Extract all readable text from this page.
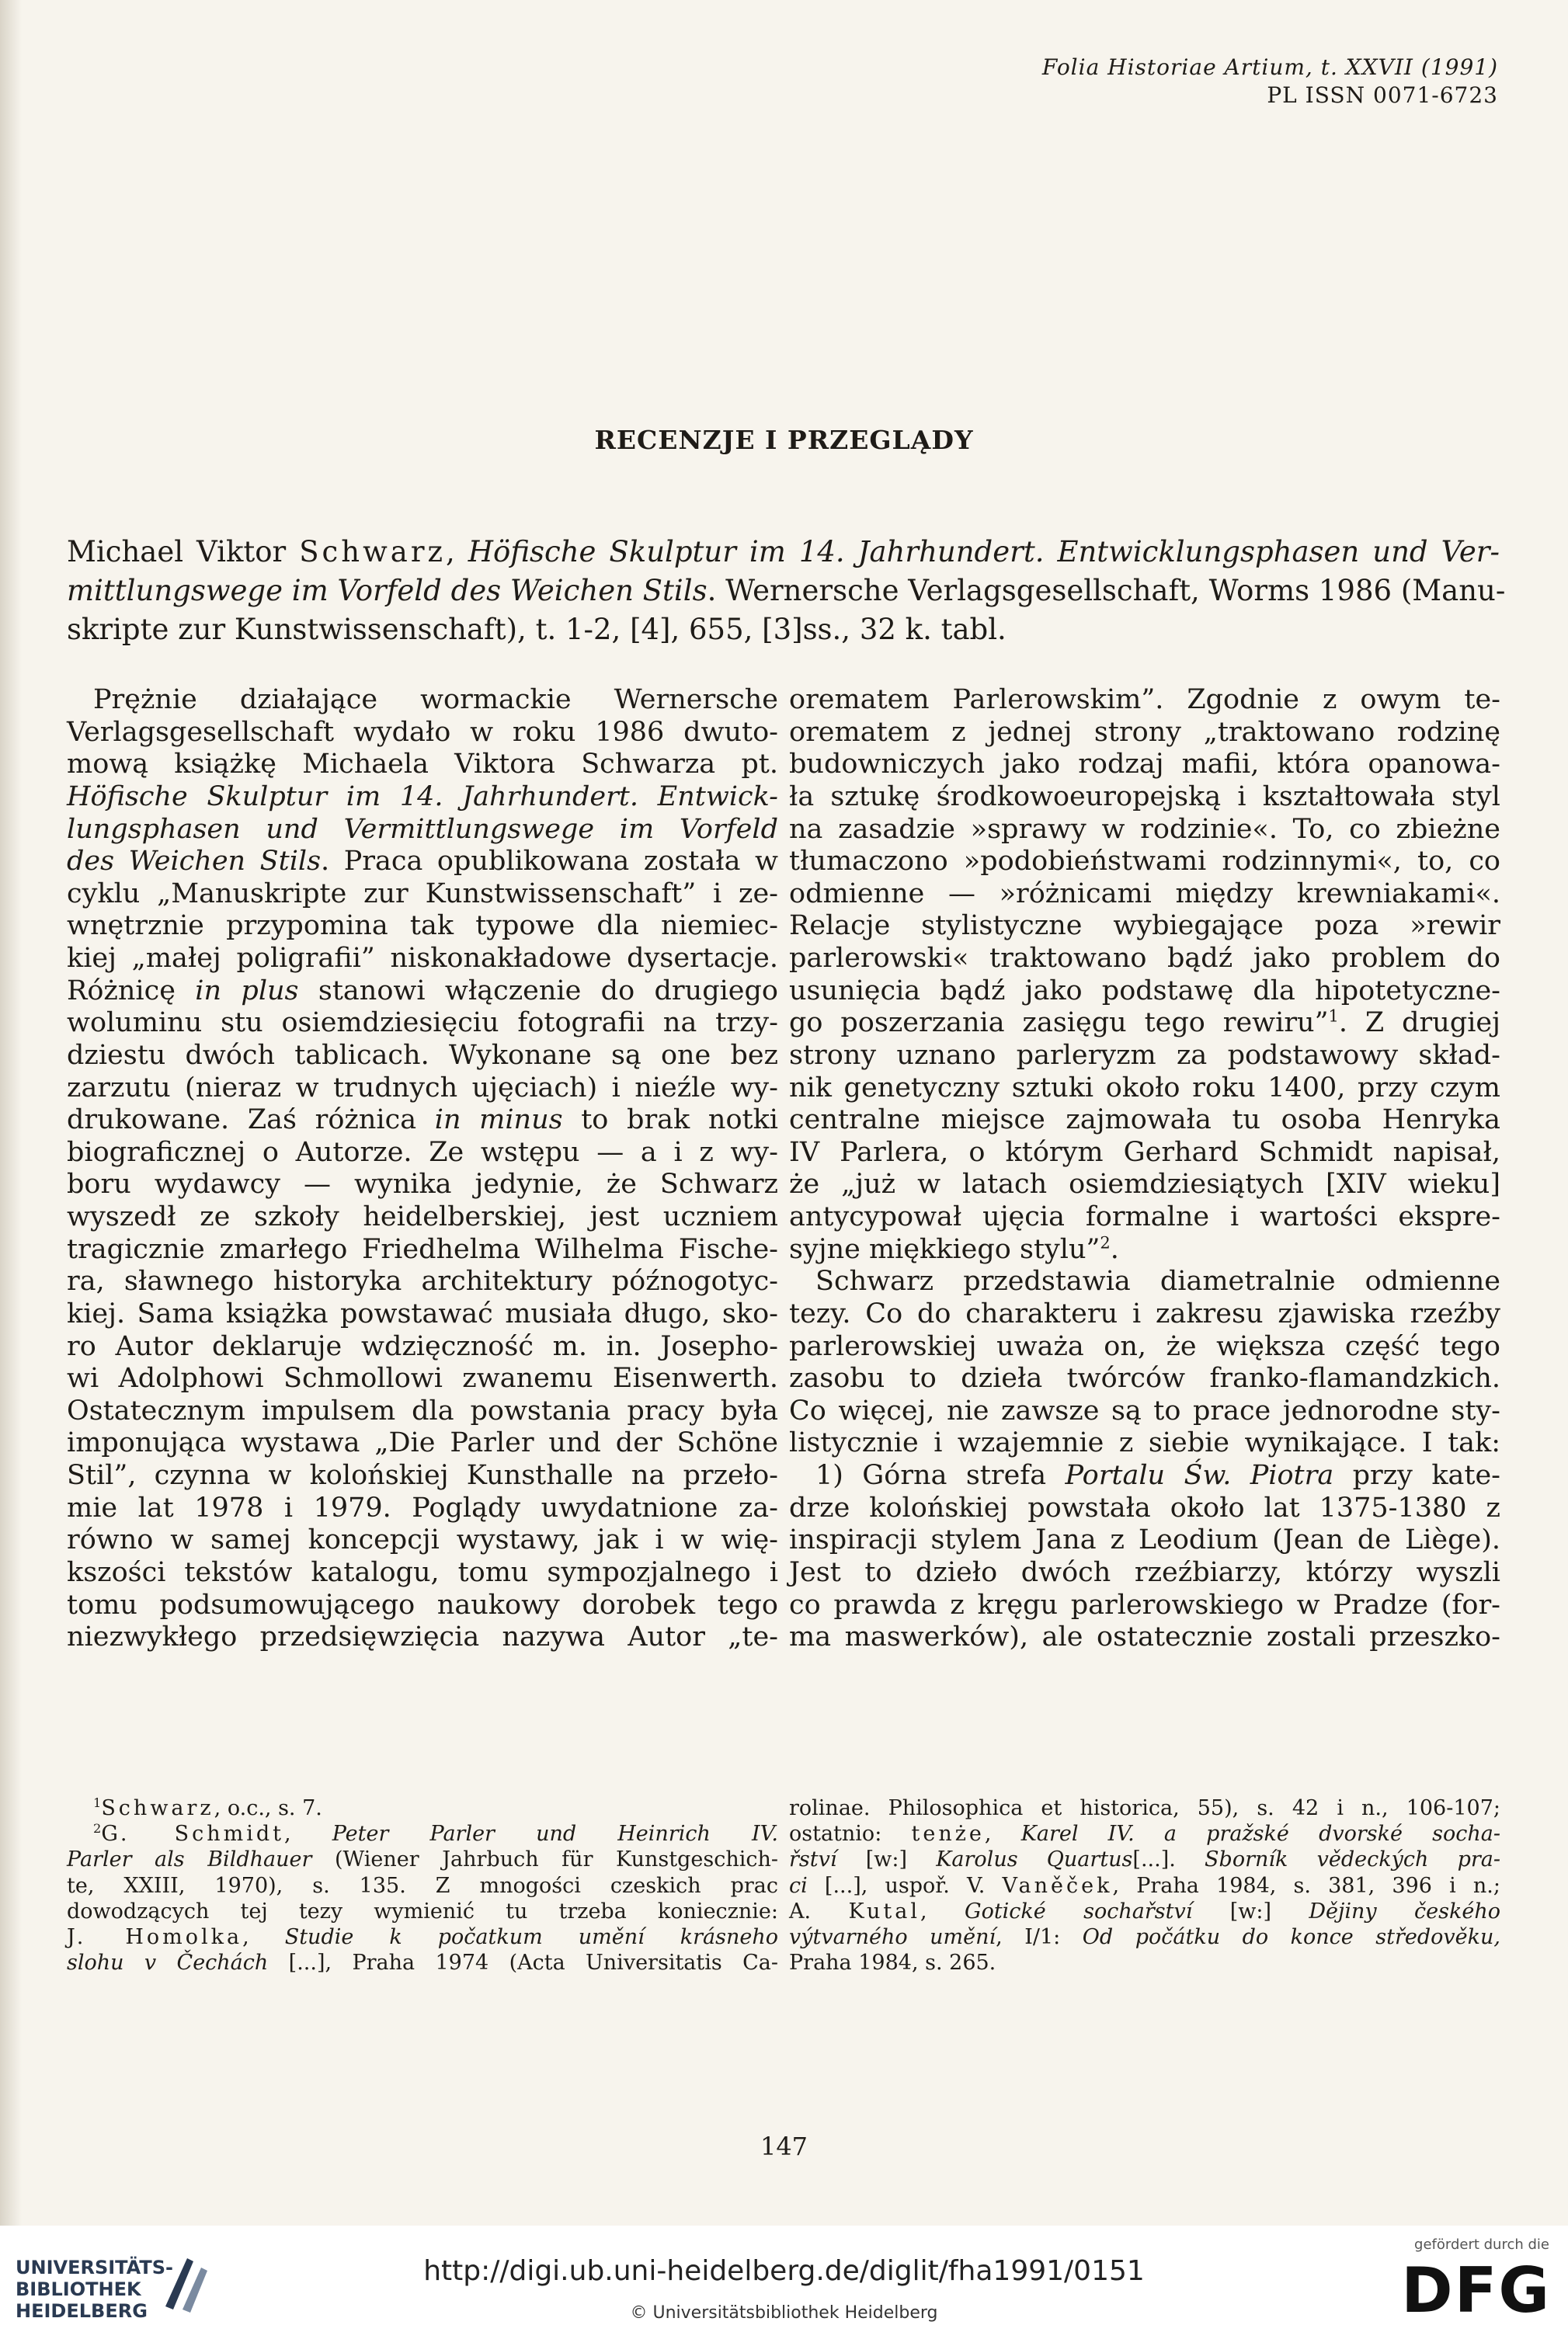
Folia Historiae Artium, t. XXVII (1991)
PL ISSN 0071-6723
RECENZJE I PRZEGLĄDY
Michael Viktor Schwarz, Höfische Skulptur im 14. Jahrhundert. Entwicklungsphasen und Ver-
mittlungswege im Vorfeld des Weichen Stils. Wernersche Verlagsgesellschaft, Worms 1986 (Manu-
skripte zur Kunstwissenschaft), t. 1-2, [4], 655, [3]ss., 32 k. tabl.
Prężnie działające wormackie Wernersche
Verlagsgesellschaft wydało w roku 1986 dwuto-
mową książkę Michaela Viktora Schwarza pt.
Höfische Skulptur im 14. Jahrhundert. Entwick-
lungsphasen und Vermittlungswege im Vorfeld
des Weichen Stils. Praca opublikowana została w
cyklu „Manuskripte zur Kunstwissenschaft” i ze-
wnętrznie przypomina tak typowe dla niemiec-
kiej „małej poligrafii” niskonakładowe dysertacje.
Różnicę in plus stanowi włączenie do drugiego
woluminu stu osiemdziesięciu fotografii na trzy-
dziestu dwóch tablicach. Wykonane są one bez
zarzutu (nieraz w trudnych ujęciach) i nieźle wy-
drukowane. Zaś różnica in minus to brak notki
biograficznej o Autorze. Ze wstępu — a i z wy-
boru wydawcy — wynika jedynie, że Schwarz
wyszedł ze szkoły heidelberskiej, jest uczniem
tragicznie zmarłego Friedhelma Wilhelma Fische-
ra, sławnego historyka architektury późnogotyc-
kiej. Sama książka powstawać musiała długo, sko-
ro Autor deklaruje wdzięczność m. in. Josepho-
wi Adolphowi Schmollowi zwanemu Eisenwerth.
Ostatecznym impulsem dla powstania pracy była
imponująca wystawa „Die Parler und der Schöne
Stil”, czynna w kolońskiej Kunsthalle na przeło-
mie lat 1978 i 1979. Poglądy uwydatnione za-
równo w samej koncepcji wystawy, jak i w wię-
kszości tekstów katalogu, tomu sympozjalnego i
tomu podsumowującego naukowy dorobek tego
niezwykłego przedsięwzięcia nazywa Autor „te-
orematem Parlerowskim”. Zgodnie z owym te-
orematem z jednej strony „traktowano rodzinę
budowniczych jako rodzaj mafii, która opanowa-
ła sztukę środkowoeuropejską i kształtowała styl
na zasadzie »sprawy w rodzinie«. To, co zbieżne
tłumaczono »podobieństwami rodzinnymi«, to, co
odmienne — »różnicami między krewniakami«.
Relacje stylistyczne wybiegające poza »rewir
parlerowski« traktowano bądź jako problem do
usunięcia bądź jako podstawę dla hipotetyczne-
go poszerzania zasięgu tego rewiru”$^1$. Z drugiej
strony uznano parleryzm za podstawowy skład-
nik genetyczny sztuki około roku 1400, przy czym
centralne miejsce zajmowała tu osoba Henryka
IV Parlera, o którym Gerhard Schmidt napisał,
że „już w latach osiemdziesiątych [XIV wieku]
antycypował ujęcia formalne i wartości ekspre-
syjne miękkiego stylu”$^2$.
Schwarz przedstawia diametralnie odmienne
tezy. Co do charakteru i zakresu zjawiska rzeźby
parlerowskiej uważa on, że większa część tego
zasobu to dzieła twórców franko-flamandzkich.
Co więcej, nie zawsze są to prace jednorodne sty-
listycznie i wzajemnie z siebie wynikające. I tak:
1) Górna strefa Portalu Św. Piotra przy kate-
drze kolońskiej powstała około lat 1375-1380 z
inspiracji stylem Jana z Leodium (Jean de Liège).
Jest to dzieło dwóch rzeźbiarzy, którzy wyszli
co prawda z kręgu parlerowskiego w Pradze (for-
ma maswerków), ale ostatecznie zostali przeszko-
$^1$Schwarz, o.c., s. 7.
$^2$G. Schmidt, Peter Parler und Heinrich IV.
Parler als Bildhauer (Wiener Jahrbuch für Kunstgeschich-
te, XXIII, 1970), s. 135. Z mnogości czeskich prac
dowodzących tej tezy wymienić tu trzeba koniecznie:
J. Homolka, Studie k počatkum umění krásneho
slohu v Čechách [...], Praha 1974 (Acta Universitatis Ca-
rolinae. Philosophica et historica, 55), s. 42 i n., 106-107;
ostatnio: tenże, Karel IV. a pražské dvorské socha-
řství [w:] Karolus Quartus[...]. Sborník vědeckých pra-
ci [...], uspoř. V. Vaněček, Praha 1984, s. 381, 396 i n.;
A. Kutal, Gotické sochařství [w:] Dějiny českého
výtvarného umění, I/1: Od počátku do konce středověku,
Praha 1984, s. 265.
147
UNIVERSITÄTS-
BIBLIOTHEK
HEIDELBERG
http://digi.ub.uni-heidelberg.de/diglit/fha1991/0151
© Universitätsbibliothek Heidelberg
gefördert durch die
DFG
